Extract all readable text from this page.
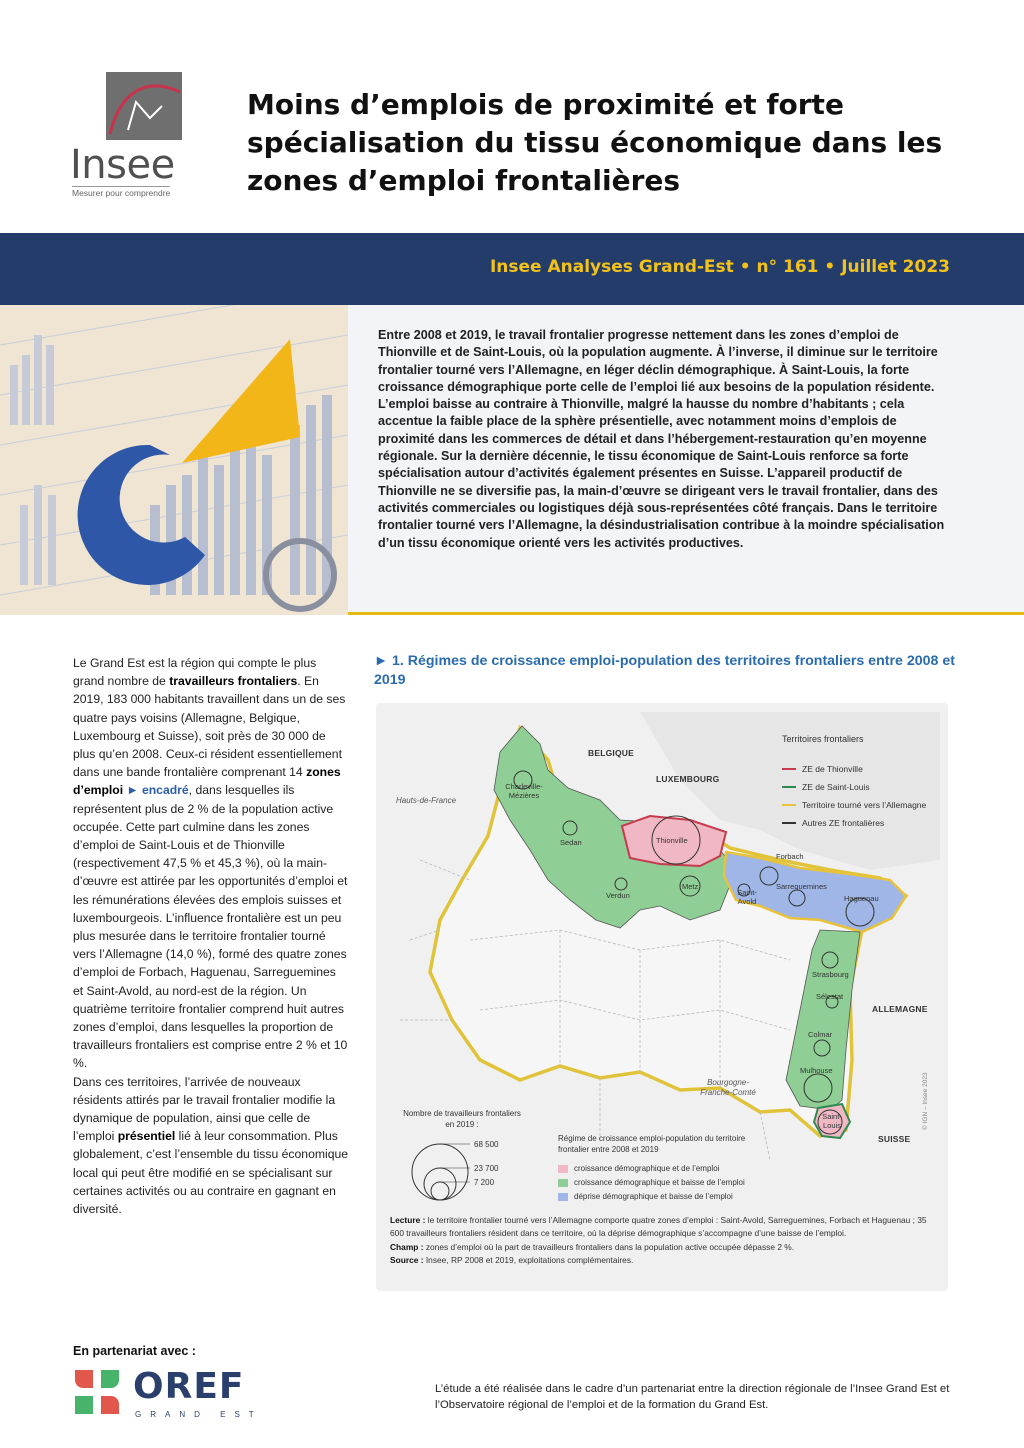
Insee
Mesurer pour comprendre
Moins d’emplois de proximité et forte spécialisation du tissu économique dans les zones d’emploi frontalières
Insee Analyses Grand-Est • n° 161 • Juillet 2023

Entre 2008 et 2019, le travail frontalier progresse nettement dans les zones d’emploi de Thionville et de Saint-Louis, où la population augmente. À l’inverse, il diminue sur le territoire frontalier tourné vers l’Allemagne, en léger déclin démographique. À Saint-Louis, la forte croissance démographique porte celle de l’emploi lié aux besoins de la population résidente. L’emploi baisse au contraire à Thionville, malgré la hausse du nombre d’habitants ; cela accentue la faible place de la sphère présentielle, avec notamment moins d’emplois de proximité dans les commerces de détail et dans l’hébergement-restauration qu’en moyenne régionale. Sur la dernière décennie, le tissu économique de Saint-Louis renforce sa forte spécialisation autour d’activités également présentes en Suisse. L’appareil productif de Thionville ne se diversifie pas, la main-d’œuvre se dirigeant vers le travail frontalier, dans des activités commerciales ou logistiques déjà sous-représentées côté français. Dans le territoire frontalier tourné vers l’Allemagne, la désindustrialisation contribue à la moindre spécialisation d’un tissu économique orienté vers les activités productives.

Le Grand Est est la région qui compte le plus grand nombre de travailleurs frontaliers. En 2019, 183 000 habitants travaillent dans un de ses quatre pays voisins (Allemagne, Belgique, Luxembourg et Suisse), soit près de 30 000 de plus qu’en 2008. Ceux-ci résident essentiellement dans une bande frontalière comprenant 14 zones d’emploi ► encadré, dans lesquelles ils représentent plus de 2 % de la population active occupée. Cette part culmine dans les zones d’emploi de Saint-Louis et de Thionville (respectivement 47,5 % et 45,3 %), où la main-d’œuvre est attirée par les opportunités d’emploi et les rémunérations élevées des emplois suisses et luxembourgeois. L’influence frontalière est un peu plus mesurée dans le territoire frontalier tourné vers l’Allemagne (14,0 %), formé des quatre zones d’emploi de Forbach, Haguenau, Sarreguemines et Saint-Avold, au nord-est de la région. Un quatrième territoire frontalier comprend huit autres zones d’emploi, dans lesquelles la proportion de travailleurs frontaliers est comprise entre 2 % et 10 %.

Dans ces territoires, l’arrivée de nouveaux résidents attirés par le travail frontalier modifie la dynamique de population, ainsi que celle de l’emploi présentiel lié à leur consommation. Plus globalement, c’est l’ensemble du tissu économique local qui peut être modifié en se spécialisant sur certaines activités ou au contraire en gagnant en diversité.

► 1. Régimes de croissance emploi-population des territoires frontaliers entre 2008 et 2019
Territoires frontaliers
ZE de Thionville
ZE de Saint-Louis
Territoire tourné vers l’Allemagne
Autres ZE frontalières
BELGIQUE
LUXEMBOURG
ALLEMAGNE
SUISSE
Hauts-de-France
Bourgogne-Franche-Comté
Charleville-Mézières
Sedan
Verdun
Thionville
Metz
Forbach
Saint-Avold
Sarreguemines
Haguenau
Strasbourg
Sélestat
Colmar
Mulhouse
Saint-Louis
Nombre de travailleurs frontaliers en 2019 :
68 500
23 700
7 200
Régime de croissance emploi-population du territoire frontalier entre 2008 et 2019
croissance démographique et de l’emploi
croissance démographique et baisse de l’emploi
déprise démographique et baisse de l’emploi
© IGN – Insee 2023

Lecture : le territoire frontalier tourné vers l’Allemagne comporte quatre zones d’emploi : Saint-Avold, Sarreguemines, Forbach et Haguenau ; 35 600 travailleurs frontaliers résident dans ce territoire, où la déprise démographique s’accompagne d’une baisse de l’emploi.

Champ : zones d’emploi où la part de travailleurs frontaliers dans la population active occupée dépasse 2 %.

Source : Insee, RP 2008 et 2019, exploitations complémentaires.

En partenariat avec :
OREF
GRAND EST

L’étude a été réalisée dans le cadre d’un partenariat entre la direction régionale de l’Insee Grand Est et l’Observatoire régional de l’emploi et de la formation du Grand Est.
